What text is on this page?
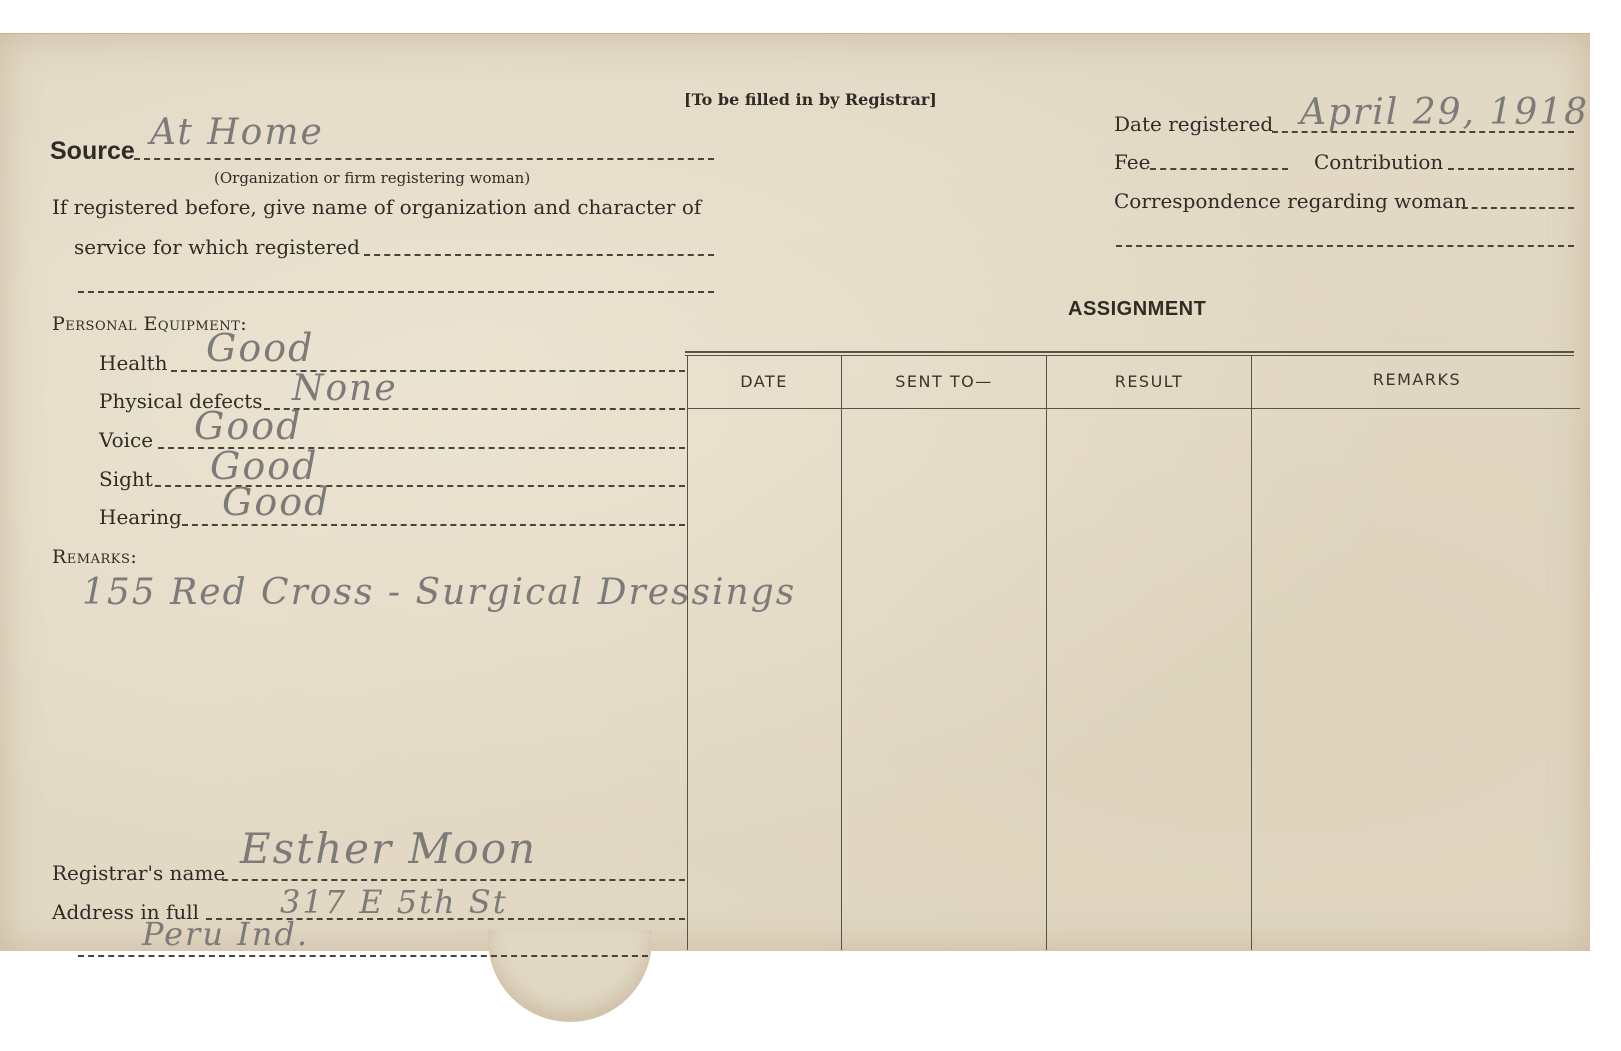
[To be filled in by Registrar]
Source At Home
(Organization or firm registering woman)
If registered before, give name of organization and character of
service for which registered
Personal Equipment:
Health Good
Physical defects None
Voice Good
Sight Good
Hearing Good
Remarks:
155 Red Cross - Surgical Dressings
Registrar's name Esther Moon
Address in full	317 E 5th St
Peru Ind.
Date registered April 29, 1918
Fee	Contribution
Correspondence regarding woman
ASSIGNMENT
DATE	SENT TO—	RESULT	REMARKS
